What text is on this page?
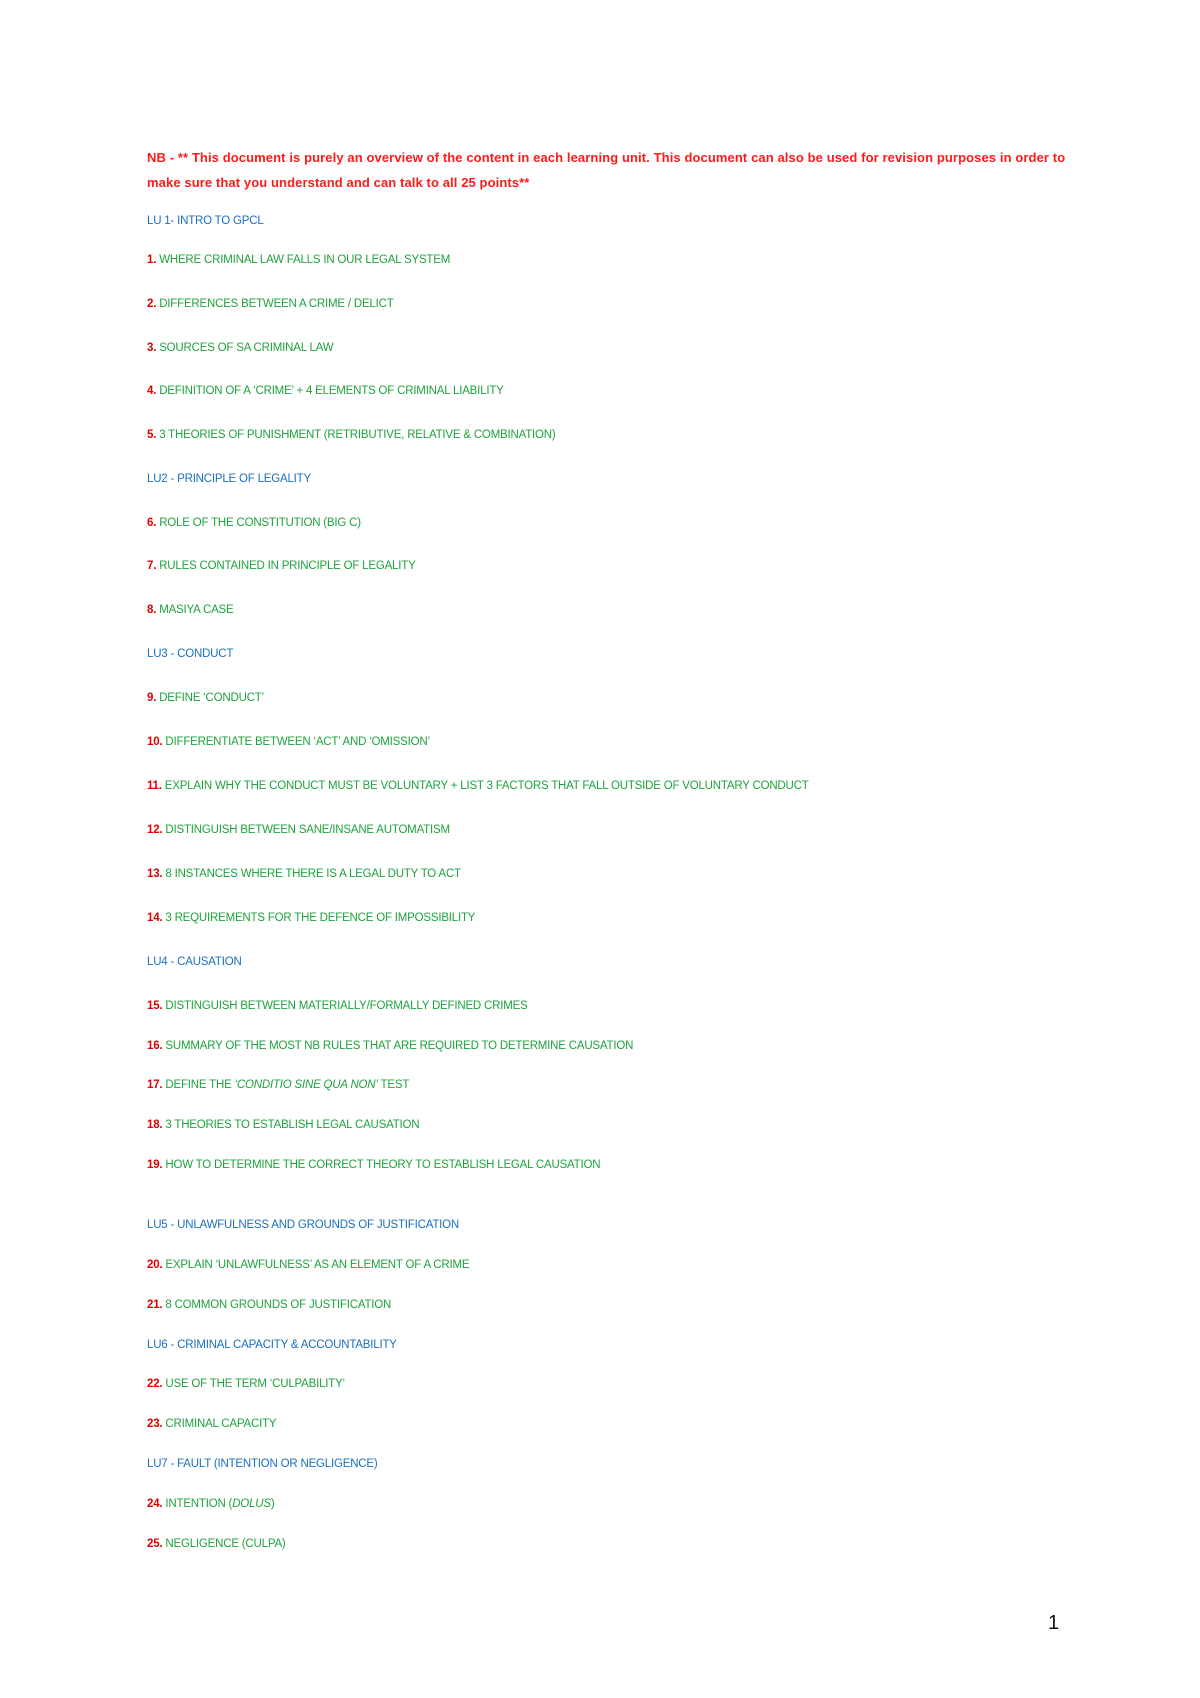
NB - ** This document is purely an overview of the content in each learning unit. This document can also be used for revision purposes in order to make sure that you understand and can talk to all 25 points**
LU 1- INTRO TO GPCL
1. WHERE CRIMINAL LAW FALLS IN OUR LEGAL SYSTEM
2. DIFFERENCES BETWEEN A CRIME / DELICT
3. SOURCES OF SA CRIMINAL LAW
4. DEFINITION OF A ‘CRIME’ + 4 ELEMENTS OF CRIMINAL LIABILITY
5. 3 THEORIES OF PUNISHMENT (RETRIBUTIVE, RELATIVE & COMBINATION)
LU2 - PRINCIPLE OF LEGALITY
6. ROLE OF THE CONSTITUTION (BIG C)
7. RULES CONTAINED IN PRINCIPLE OF LEGALITY
8. MASIYA CASE
LU3 - CONDUCT
9. DEFINE ‘CONDUCT’
10. DIFFERENTIATE BETWEEN ‘ACT’ AND ‘OMISSION’
11. EXPLAIN WHY THE CONDUCT MUST BE VOLUNTARY + LIST 3 FACTORS THAT FALL OUTSIDE OF VOLUNTARY CONDUCT
12. DISTINGUISH BETWEEN SANE/INSANE AUTOMATISM
13. 8 INSTANCES WHERE THERE IS A LEGAL DUTY TO ACT
14. 3 REQUIREMENTS FOR THE DEFENCE OF IMPOSSIBILITY
LU4 - CAUSATION
15. DISTINGUISH BETWEEN MATERIALLY/FORMALLY DEFINED CRIMES
16. SUMMARY OF THE MOST NB RULES THAT ARE REQUIRED TO DETERMINE CAUSATION
17. DEFINE THE ‘CONDITIO SINE QUA NON’ TEST
18. 3 THEORIES TO ESTABLISH LEGAL CAUSATION
19. HOW TO DETERMINE THE CORRECT THEORY TO ESTABLISH LEGAL CAUSATION
LU5 - UNLAWFULNESS AND GROUNDS OF JUSTIFICATION
20. EXPLAIN ‘UNLAWFULNESS’ AS AN ELEMENT OF A CRIME
21. 8 COMMON GROUNDS OF JUSTIFICATION
LU6 - CRIMINAL CAPACITY & ACCOUNTABILITY
22. USE OF THE TERM ‘CULPABILITY’
23. CRIMINAL CAPACITY
LU7 - FAULT (INTENTION OR NEGLIGENCE)
24. INTENTION (DOLUS)
25. NEGLIGENCE (CULPA)
1
